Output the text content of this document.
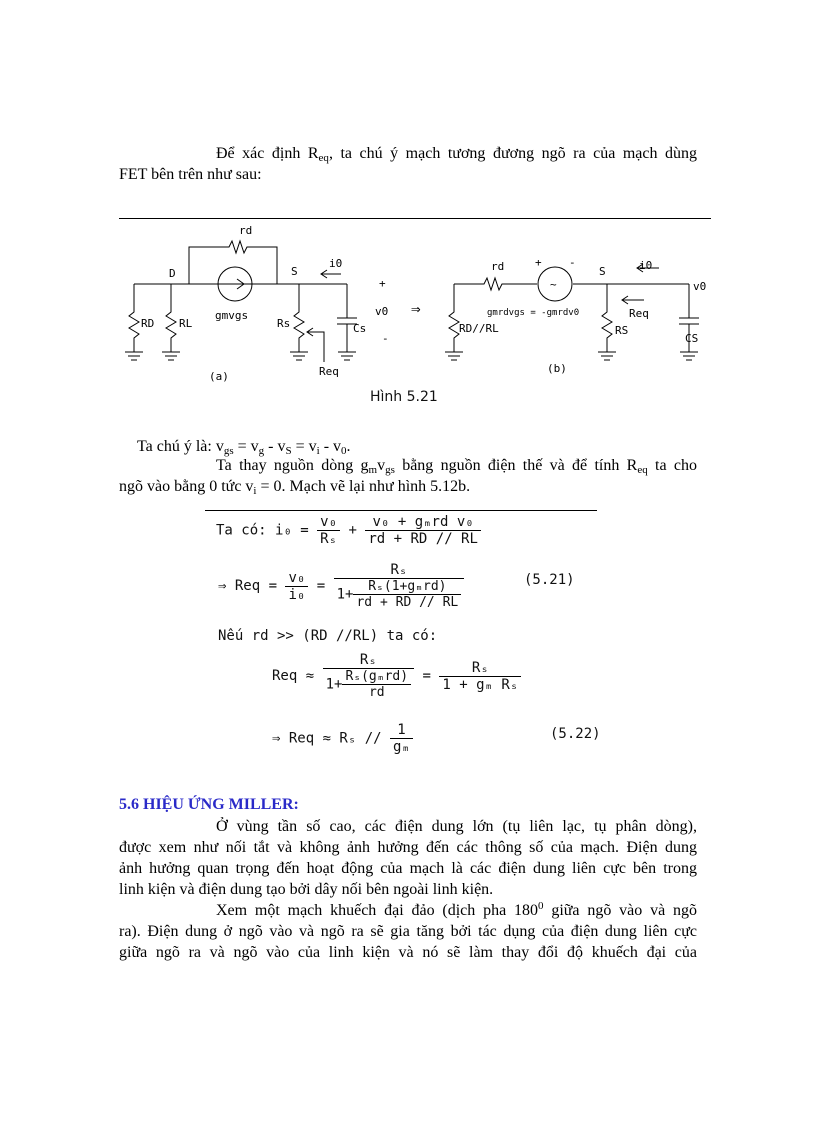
Để xác định $R_{eq}$, ta chú ý mạch tương đương ngõ ra của mạch dùng
FET bên trên như sau:
rd
D	S
i0
gmvgs
RD RL	Rs	Cs
Req
(a)
+
v0
-
⇒
rd	+ -
~
S	i0
v0
RD//RL
gmrdvgs = -gmrdv0	Req
RS
CS
(b)
Hình 5.21
Ta chú ý là: $v_{gs} = v_g - v_S = v_i - v_0$.
Ta thay nguồn dòng $g_mv_{gs}$ bằng nguồn điện thế và để tính $R_{eq}$ ta cho
ngõ vào bằng 0 tức $v_i = 0$. Mạch vẽ lại như hình 5.12b.
Ta có: $i_0 = \frac{\text{v₀}}{\text{Rₛ}} + \frac{\text{v₀ + gₘrd v₀}}{rd + RD // RL}$
⇒ Req = $\frac{\text{v₀}}{\text{i₀}} = \frac{\text{Rₛ}}{1+ \frac{\text{Rₛ(1+gₘrd)}}{rd + RD // RL}}$	(5.21)
Nếu rd >> (RD //RL) ta có:
Req ≈ $\frac{\text{Rₛ}}{1+ \frac{\text{Rₛ(gₘrd)}}{rd}} = \frac{\text{Rₛ}}{\text{1 + gₘ Rₛ}}$
⇒ Req ≈ Rₛ // $\frac{1}{\text{gₘ}}$	(5.22)
5.6 HIỆU ỨNG MILLER:
Ở vùng tần số cao, các điện dung lớn (tụ liên lạc, tụ phân dòng),
được xem như nối tắt và không ảnh hưởng đến các thông số của mạch. Điện dung
ảnh hưởng quan trọng đến hoạt động của mạch là các điện dung liên cực bên trong
linh kiện và điện dung tạo bởi dây nối bên ngoài linh kiện.
Xem một mạch khuếch đại đảo (dịch pha $180^0$ giữa ngõ vào và ngõ
ra). Điện dung ở ngõ vào và ngõ ra sẽ gia tăng bởi tác dụng của điện dung liên cực
giữa ngõ ra và ngõ vào của linh kiện và nó sẽ làm thay đổi độ khuếch đại của
